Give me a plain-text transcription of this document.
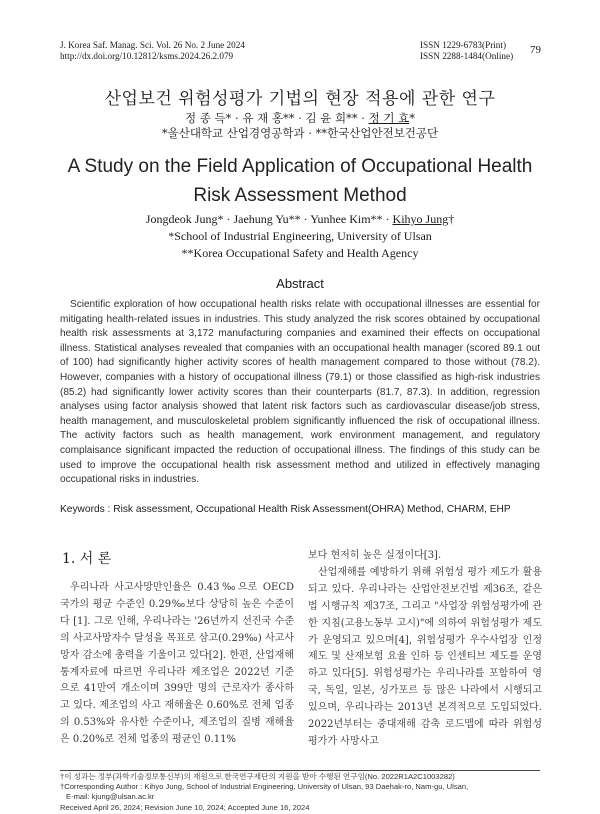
J. Korea Saf. Manag. Sci. Vol. 26 No. 2 June 2024
http://dx.doi.org/10.12812/ksms.2024.26.2.079
ISSN 1229-6783(Print)
ISSN 2288-1484(Online) 79
산업보건 위험성평가 기법의 현장 적용에 관한 연구
정 종 득* · 유 재 홍** · 김 윤 희** · 정 기 효*
*울산대학교 산업경영공학과 · **한국산업안전보건공단
A Study on the Field Application of Occupational Health Risk Assessment Method
Jongdeok Jung* · Jaehung Yu** · Yunhee Kim** · Kihyo Jung†
*School of Industrial Engineering, University of Ulsan
**Korea Occupational Safety and Health Agency
Abstract

Scientific exploration of how occupational health risks relate with occupational illnesses are essential for mitigating health-related issues in industries. This study analyzed the risk scores obtained by occupational health risk assessments at 3,172 manufacturing companies and examined their effects on occupational illness. Statistical analyses revealed that companies with an occupational health manager (scored 89.1 out of 100) had significantly higher activity scores of health management compared to those without (78.2). However, companies with a history of occupational illness (79.1) or those classified as high-risk industries (85.2) had significantly lower activity scores than their counterparts (81.7, 87.3). In addition, regression analyses using factor analysis showed that latent risk factors such as cardiovascular disease/job stress, health management, and musculoskeletal problem significantly influenced the risk of occupational illness. The activity factors such as health management, work environment management, and regulatory complaisance significant impacted the reduction of occupational illness. The findings of this study can be used to improve the occupational health risk assessment method and utilized in effectively managing occupational risks in industries.

Keywords : Risk assessment, Occupational Health Risk Assessment(OHRA) Method, CHARM, EHP
1. 서 론

우리나라 사고사망만인율은 0.43‰으로 OECD 국가의 평균 수준인 0.29‰보다 상당히 높은 수준이다 [1]. 그로 인해, 우리나라는 '26년까지 선진국 수준의 사고사망자수 달성을 목표로 삼고(0.29‰) 사고사망자 감소에 총력을 기울이고 있다[2]. 한편, 산업재해 통계자료에 따르면 우리나라 제조업은 2022년 기준으로 41만여 개소이며 399만 명의 근로자가 종사하고 있다. 제조업의 사고 재해율은 0.60%로 전체 업종의 0.53%와 유사한 수준이나, 제조업의 질병 재해율은 0.20%로 전체 업종의 평균인 0.11%

보다 현저히 높은 실정이다[3].

산업재해를 예방하기 위해 위험성 평가 제도가 활용되고 있다. 우리나라는 산업안전보건법 제36조, 같은 법 시행규칙 제37조, 그리고 "사업장 위험성평가에 관한 지침(고용노동부 고시)"에 의하여 위험성평가 제도가 운영되고 있으며[4], 위험성평가 우수사업장 인정제도 및 산재보험 요율 인하 등 인센티브 제도를 운영하고 있다[5]. 위험성평가는 우리나라를 포함하여 영국, 독일, 일본, 싱가포르 등 많은 나라에서 시행되고 있으며, 우리나라는 2013년 본격적으로 도입되었다. 2022년부터는 중대재해 감축 로드맵에 따라 위험성평가가 사망사고

†이 성과는 정부(과학기술정보통신부)의 재원으로 한국연구재단의 지원을 받아 수행된 연구임(No. 2022R1A2C1003282)
†Corresponding Author : Kihyo Jung, School of Industrial Engineering, University of Ulsan, 93 Daehak-ro, Nam-gu, Ulsan,
E-mail: kjung@ulsan.ac.kr
Received April 26, 2024; Revision June 10, 2024; Accepted June 16, 2024
